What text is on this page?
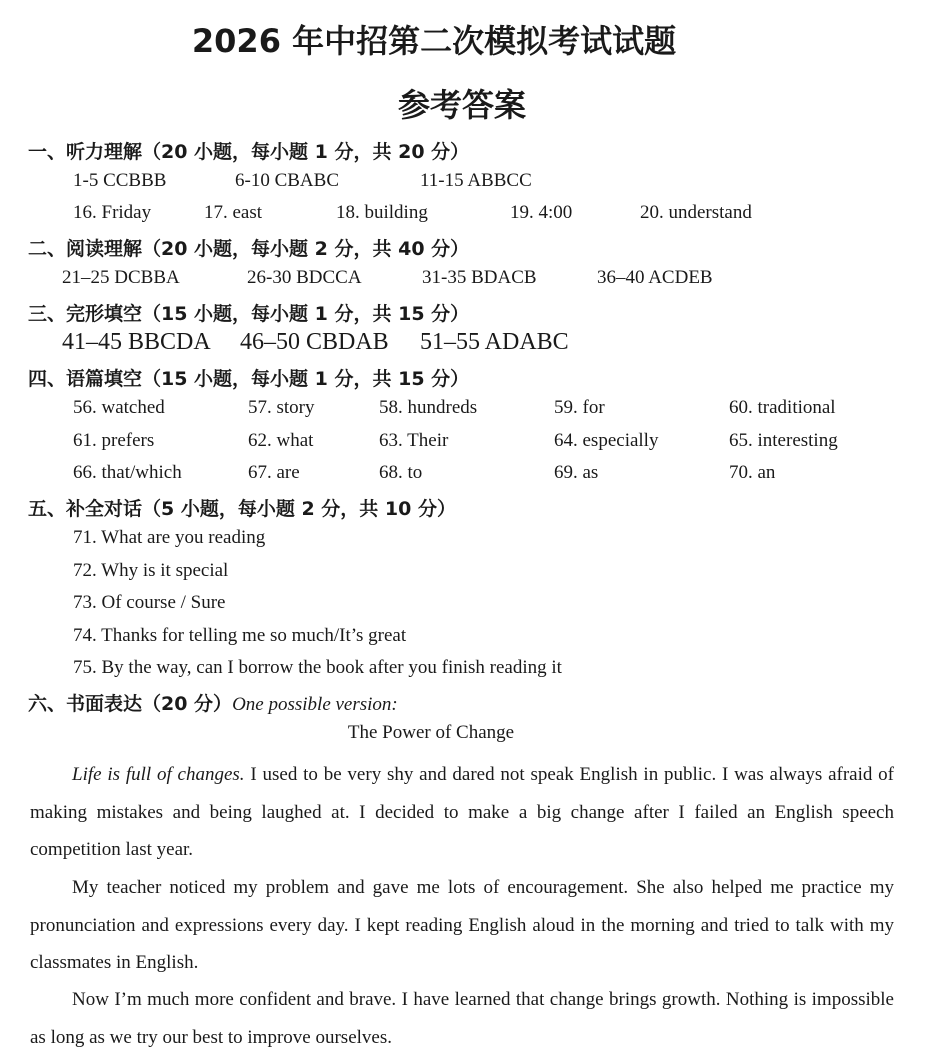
2026 年中招第二次模拟考试试题
参考答案
一、听力理解（20 小题，每小题 1 分，共 20 分）
1-5 CCBBB	6-10 CBABC	11-15 ABBCC
16. Friday	17. east	18. building	19. 4:00	20. understand
二、阅读理解（20 小题，每小题 2 分，共 40 分）
21–25 DCBBA	26-30 BDCCA	31-35 BDACB	36–40 ACDEB
三、完形填空（15 小题，每小题 1 分，共 15 分）
41–45 BBCDA 46–50 CBDAB 51–55 ADABC
四、语篇填空（15 小题，每小题 1 分，共 15 分）
56. watched	57. story	58. hundreds	59. for	60. traditional
61. prefers	62. what	63. Their	64. especially	65. interesting
66. that/which	67. are	68. to	69. as	70. an
五、补全对话（5 小题，每小题 2 分，共 10 分）
71. What are you reading
72. Why is it special
73. Of course / Sure
74. Thanks for telling me so much/It’s great
75. By the way, can I borrow the book after you finish reading it
六、书面表达（20 分）One possible version:
The Power of Change
Life is full of changes. I used to be very shy and dared not speak English in public. I was always afraid of making mistakes and being laughed at. I decided to make a big change after I failed an English speech competition last year.
My teacher noticed my problem and gave me lots of encouragement. She also helped me practice my pronunciation and expressions every day. I kept reading English aloud in the morning and tried to talk with my classmates in English.
Now I’m much more confident and brave. I have learned that change brings growth. Nothing is impossible as long as we try our best to improve ourselves.
